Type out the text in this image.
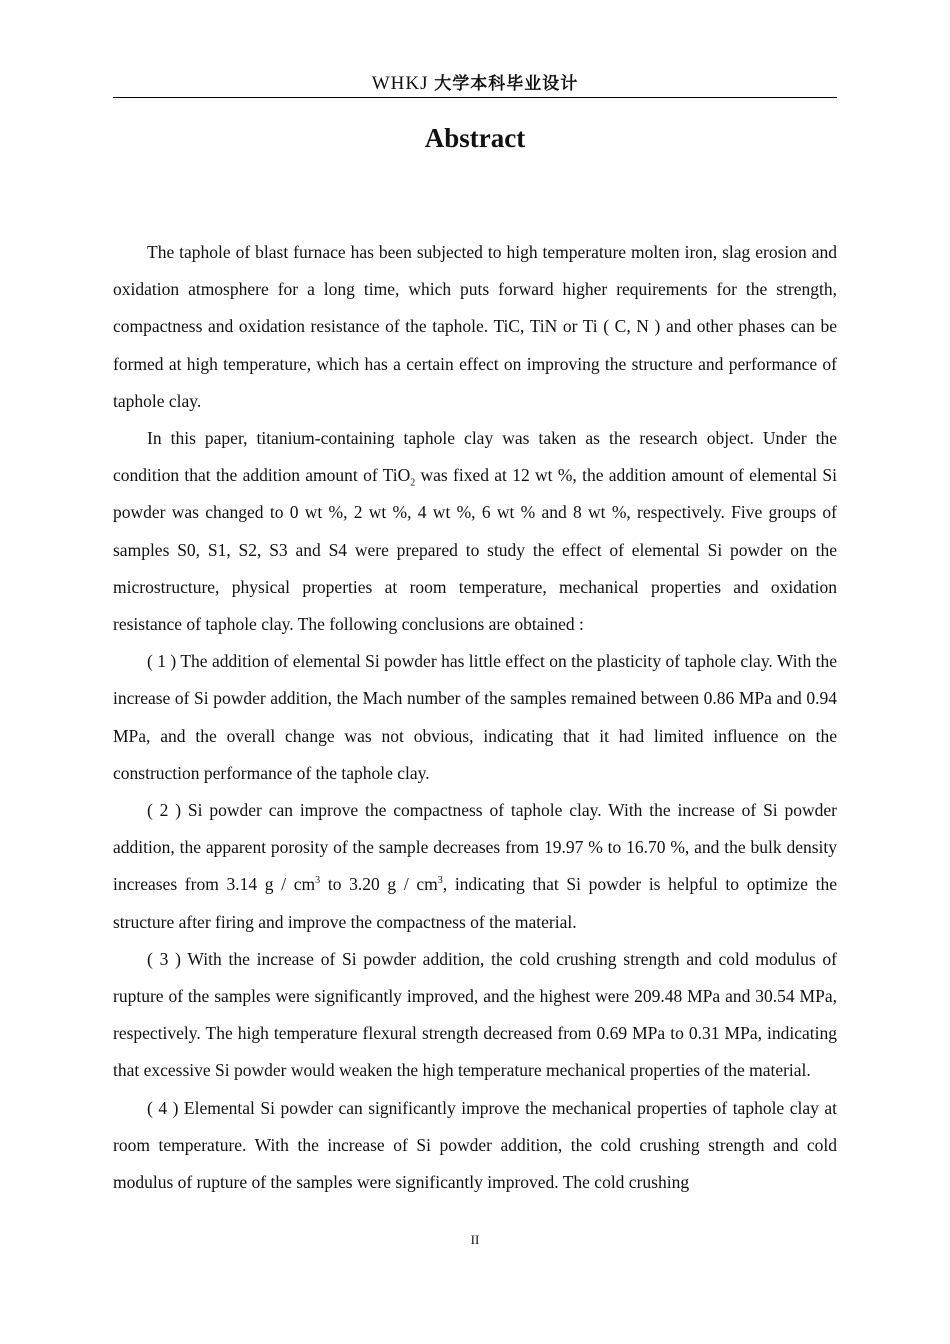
WHKJ 大学本科毕业设计
Abstract

The taphole of blast furnace has been subjected to high temperature molten iron, slag erosion and oxidation atmosphere for a long time, which puts forward higher requirements for the strength, compactness and oxidation resistance of the taphole. TiC, TiN or Ti ( C, N ) and other phases can be formed at high temperature, which has a certain effect on improving the structure and performance of taphole clay.

In this paper, titanium-containing taphole clay was taken as the research object. Under the condition that the addition amount of TiO$_2$ was fixed at 12 wt %, the addition amount of elemental Si powder was changed to 0 wt %, 2 wt %, 4 wt %, 6 wt % and 8 wt %, respectively. Five groups of samples S0, S1, S2, S3 and S4 were prepared to study the effect of elemental Si powder on the microstructure, physical properties at room temperature, mechanical properties and oxidation resistance of taphole clay. The following conclusions are obtained :

( 1 ) The addition of elemental Si powder has little effect on the plasticity of taphole clay. With the increase of Si powder addition, the Mach number of the samples remained between 0.86 MPa and 0.94 MPa, and the overall change was not obvious, indicating that it had limited influence on the construction performance of the taphole clay.

( 2 ) Si powder can improve the compactness of taphole clay. With the increase of Si powder addition, the apparent porosity of the sample decreases from 19.97 % to 16.70 %, and the bulk density increases from 3.14 g / $cm^3$ to 3.20 g / $cm^3$, indicating that Si powder is helpful to optimize the structure after firing and improve the compactness of the material.

( 3 ) With the increase of Si powder addition, the cold crushing strength and cold modulus of rupture of the samples were significantly improved, and the highest were 209.48 MPa and 30.54 MPa, respectively. The high temperature flexural strength decreased from 0.69 MPa to 0.31 MPa, indicating that excessive Si powder would weaken the high temperature mechanical properties of the material.

( 4 ) Elemental Si powder can significantly improve the mechanical properties of taphole clay at room temperature. With the increase of Si powder addition, the cold crushing strength and cold modulus of rupture of the samples were significantly improved. The cold crushing

II
